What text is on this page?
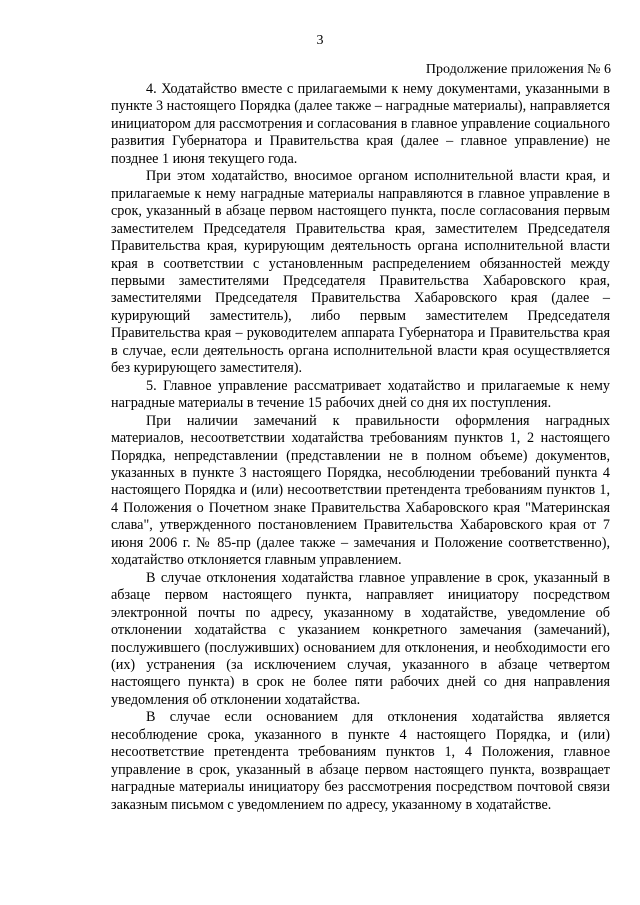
3
Продолжение приложения № 6

4. Ходатайство вместе с прилагаемыми к нему документами, указанными в пункте 3 настоящего Порядка (далее также – наградные материалы), направляется инициатором для рассмотрения и согласования в главное управление социального развития Губернатора и Правительства края (далее – главное управление) не позднее 1 июня текущего года.

При этом ходатайство, вносимое органом исполнительной власти края, и прилагаемые к нему наградные материалы направляются в главное управление в срок, указанный в абзаце первом настоящего пункта, после согласования первым заместителем Председателя Правительства края, заместителем Председателя Правительства края, курирующим деятельность органа исполнительной власти края в соответствии с установленным распределением обязанностей между первыми заместителями Председателя Правительства Хабаровского края, заместителями Председателя Правительства Хабаровского края (далее – курирующий заместитель), либо первым заместителем Председателя Правительства края – руководителем аппарата Губернатора и Правительства края в случае, если деятельность органа исполнительной власти края осуществляется без курирующего заместителя).

5. Главное управление рассматривает ходатайство и прилагаемые к нему наградные материалы в течение 15 рабочих дней со дня их поступления.

При наличии замечаний к правильности оформления наградных материалов, несоответствии ходатайства требованиям пунктов 1, 2 настоящего Порядка, непредставлении (представлении не в полном объеме) документов, указанных в пункте 3 настоящего Порядка, несоблюдении требований пункта 4 настоящего Порядка и (или) несоответствии претендента требованиям пунктов 1, 4 Положения о Почетном знаке Правительства Хабаровского края "Материнская слава", утвержденного постановлением Правительства Хабаровского края от 7 июня 2006 г. № 85-пр (далее также – замечания и Положение соответственно), ходатайство отклоняется главным управлением.

В случае отклонения ходатайства главное управление в срок, указанный в абзаце первом настоящего пункта, направляет инициатору посредством электронной почты по адресу, указанному в ходатайстве, уведомление об отклонении ходатайства с указанием конкретного замечания (замечаний), послужившего (послуживших) основанием для отклонения, и необходимости его (их) устранения (за исключением случая, указанного в абзаце четвертом настоящего пункта) в срок не более пяти рабочих дней со дня направления уведомления об отклонении ходатайства.

В случае если основанием для отклонения ходатайства является несоблюдение срока, указанного в пункте 4 настоящего Порядка, и (или) несоответствие претендента требованиям пунктов 1, 4 Положения, главное управление в срок, указанный в абзаце первом настоящего пункта, возвращает наградные материалы инициатору без рассмотрения посредством почтовой связи заказным письмом с уведомлением по адресу, указанному в ходатайстве.
